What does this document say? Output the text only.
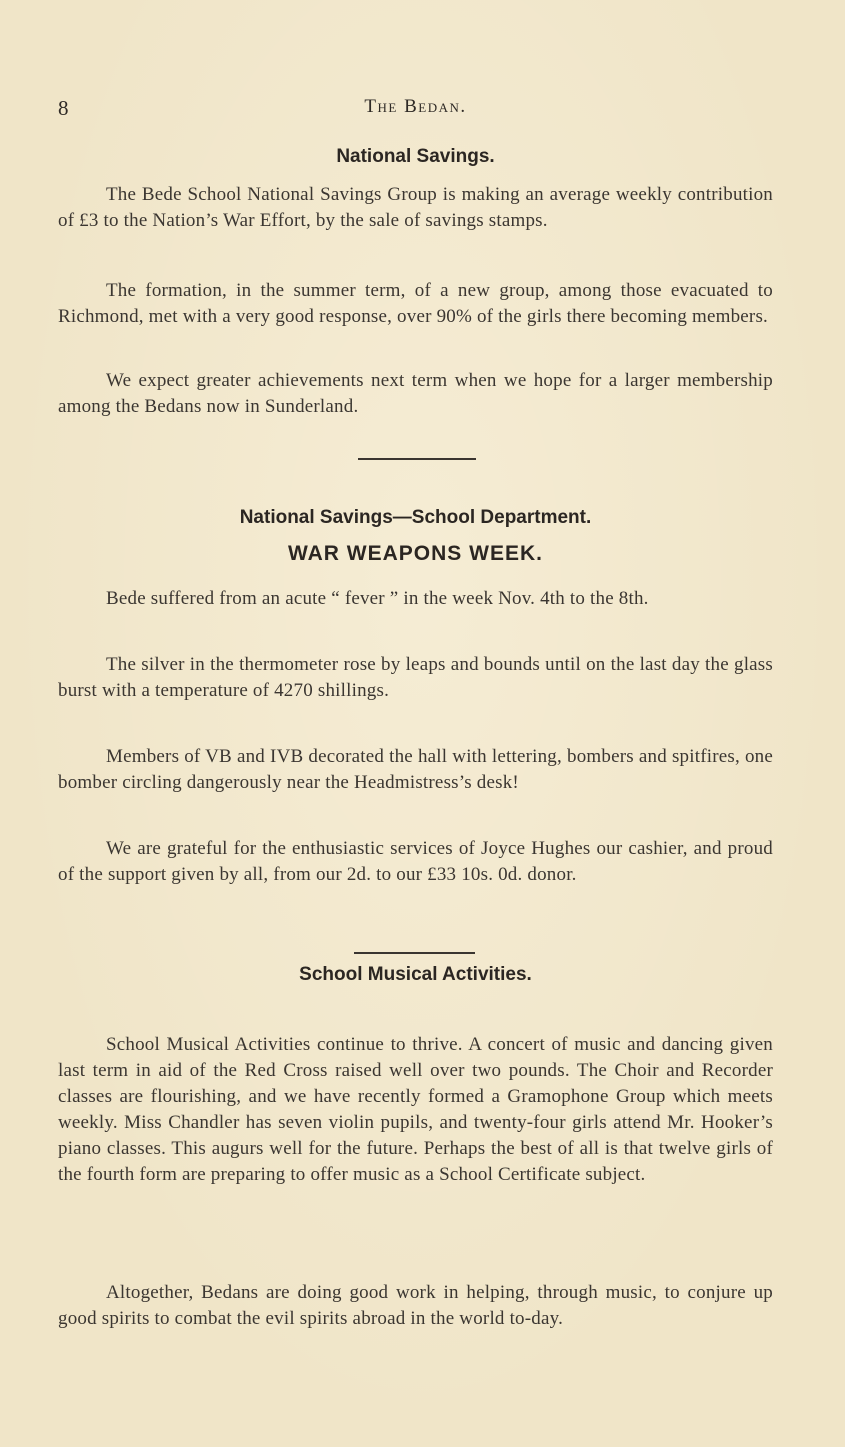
8	The Bedan.
National Savings.

The Bede School National Savings Group is making an average weekly contribution of £3 to the Nation’s War Effort, by the sale of savings stamps.

The formation, in the summer term, of a new group, among those evacuated to Richmond, met with a very good response, over 90% of the girls there becoming members.

We expect greater achievements next term when we hope for a larger membership among the Bedans now in Sunderland.

National Savings—School Department.
WAR WEAPONS WEEK.

Bede suffered from an acute “ fever ” in the week Nov. 4th to the 8th.

The silver in the thermometer rose by leaps and bounds until on the last day the glass burst with a temperature of 4270 shillings.

Members of VB and IVB decorated the hall with lettering, bombers and spitfires, one bomber circling dangerously near the Headmistress’s desk!

We are grateful for the enthusiastic services of Joyce Hughes our cashier, and proud of the support given by all, from our 2d. to our £33 10s. 0d. donor.

School Musical Activities.

School Musical Activities continue to thrive. A concert of music and dancing given last term in aid of the Red Cross raised well over two pounds. The Choir and Recorder classes are flourishing, and we have recently formed a Gramophone Group which meets weekly. Miss Chandler has seven violin pupils, and twenty-four girls attend Mr. Hooker’s piano classes. This augurs well for the future. Perhaps the best of all is that twelve girls of the fourth form are preparing to offer music as a School Certificate subject.

Altogether, Bedans are doing good work in helping, through music, to conjure up good spirits to combat the evil spirits abroad in the world to-day.
